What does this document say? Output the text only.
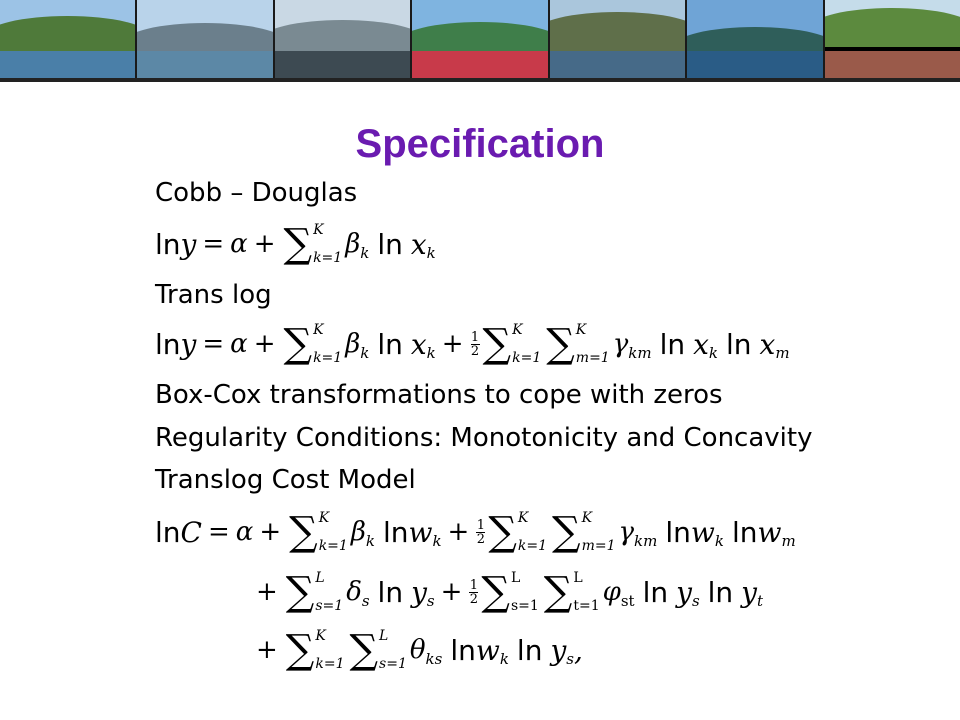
Specification
Cobb – Douglas
ln y = α + ∑ K
k=1 β k ln x k
Trans log
ln y = α + ∑ K
k=1 β k ln x k + 1
2 ∑ K
k=1 ∑ K
m=1 γ km ln x k ln x m
Box-Cox transformations to cope with zeros
Regularity Conditions: Monotonicity and Concavity
Translog Cost Model
ln C = α + ∑ K
k=1 β k ln w k + 1
2 ∑ K
k=1 ∑ K
m=1 γ km ln w k ln w m
+ ∑ L
s=1 δ s ln y s + 1
2 ∑ L
s=1 ∑ L
t=1 φ st ln y s ln y t
+ ∑ K
k=1 ∑ L
s=1 θ ks ln w k ln y s ,
